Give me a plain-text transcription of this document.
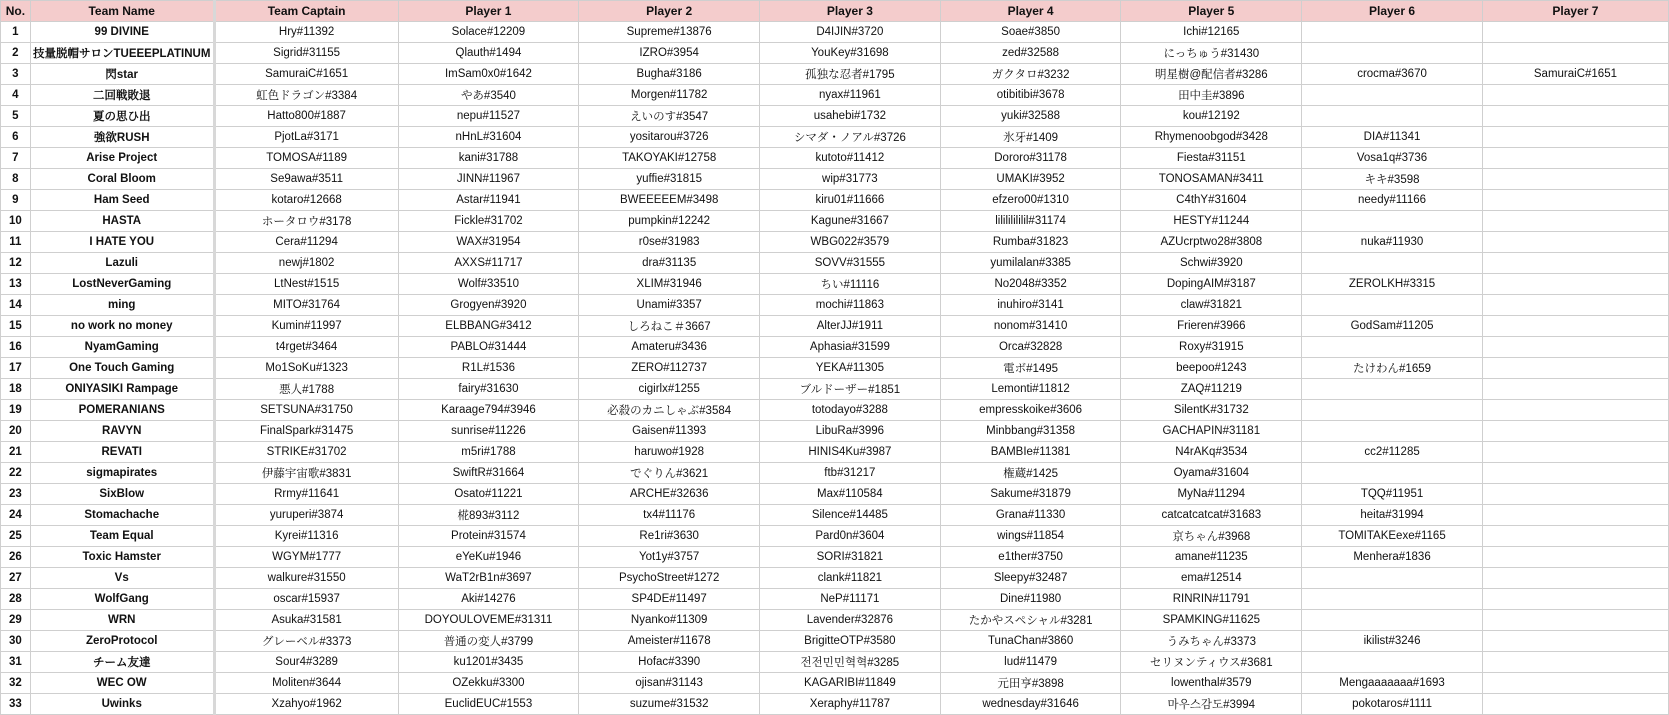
No.	Team Name	Team Captain	Player 1	Player 2	Player 3	Player 4	Player 5	Player 6	Player 7
1	99 DIVINE	Hry#11392	Solace#12209	Supreme#13876	D4IJIN#3720	Soae#3850	Ichi#12165		
2	技量脱帽サロンTUEEEPLATINUM	Sigrid#31155	Qlauth#1494	IZRO#3954	YouKey#31698	zed#32588	にっちゅう#31430		
3	閃star	SamuraiC#1651	ImSam0x0#1642	Bugha#3186	孤独な忍者#1795	ガクタロ#3232	明星樹@配信者#3286	crocma#3670	SamuraiC#1651
4	二回戦敗退	虹色ドラゴン#3384	やあ#3540	Morgen#11782	nyax#11961	otibitibi#3678	田中圭#3896		
5	夏の思ひ出	Hatto800#1887	nepu#11527	えいのす#3547	usahebi#1732	yuki#32588	kou#12192		
6	強欲RUSH	PjotLa#3171	nHnL#31604	yositarou#3726	シマダ・ノアル#3726	氷牙#1409	Rhymenoobgod#3428	DIA#11341	
7	Arise Project	TOMOSA#1189	kani#31788	TAKOYAKI#12758	kutoto#11412	Dororo#31178	Fiesta#31151	Vosa1q#3736	
8	Coral Bloom	Se9awa#3511	JINN#11967	yuffie#31815	wip#31773	UMAKI#3952	TONOSAMAN#3411	キキ#3598	
9	Ham Seed	kotaro#12668	Astar#11941	BWEEEEEM#3498	kiru01#11666	efzero00#1310	C4thY#31604	needy#11166	
10	HASTA	ホータロウ#3178	Fickle#31702	pumpkin#12242	Kagune#31667	lilililililil#31174	HESTY#11244		
11	I HATE YOU	Cera#11294	WAX#31954	r0se#31983	WBG022#3579	Rumba#31823	AZUcrptwo28#3808	nuka#11930	
12	Lazuli	newj#1802	AXXS#11717	dra#31135	SOVV#31555	yumilalan#3385	Schwi#3920		
13	LostNeverGaming	LtNest#1515	Wolf#33510	XLIM#31946	ちい#11116	No2048#3352	DopingAIM#3187	ZEROLKH#3315	
14	ming	MITO#31764	Grogyen#3920	Unami#3357	mochi#11863	inuhiro#3141	claw#31821		
15	no work no money	Kumin#11997	ELBBANG#3412	しろねこ＃3667	AlterJJ#1911	nonom#31410	Frieren#3966	GodSam#11205	
16	NyamGaming	t4rget#3464	PABLO#31444	Amateru#3436	Aphasia#31599	Orca#32828	Roxy#31915		
17	One Touch Gaming	Mo1SoKu#1323	R1L#1536	ZERO#112737	YEKA#11305	電ボ#1495	beepoo#1243	たけわん#1659	
18	ONIYASIKI Rampage	悪人#1788	fairy#31630	cigirlx#1255	ブルドーザー#1851	Lemonti#11812	ZAQ#11219		
19	POMERANIANS	SETSUNA#31750	Karaage794#3946	必殺のカニしゃぶ#3584	totodayo#3288	empresskoike#3606	SilentK#31732		
20	RAVYN	FinalSpark#31475	sunrise#11226	Gaisen#11393	LibuRa#3996	Minbbang#31358	GACHAPIN#31181		
21	REVATI	STRIKE#31702	m5ri#1788	haruwo#1928	HINIS4Ku#3987	BAMBIe#11381	N4rAKq#3534	cc2#11285	
22	sigmapirates	伊藤宇宙歌#3831	SwiftR#31664	でぐりん#3621	ftb#31217	権蔵#1425	Oyama#31604		
23	SixBlow	Rrmy#11641	Osato#11221	ARCHE#32636	Max#110584	Sakume#31879	MyNa#11294	TQQ#11951	
24	Stomachache	yuruperi#3874	椛893#3112	tx4#11176	Silence#14485	Grana#11330	catcatcatcat#31683	heita#31994	
25	Team Equal	Kyrei#11316	Protein#31574	Re1ri#3630	Pard0n#3604	wings#11854	京ちゃん#3968	TOMITAKEexe#1165	
26	Toxic Hamster	WGYM#1777	eYeKu#1946	Yot1y#3757	SORI#31821	e1ther#3750	amane#11235	Menhera#1836	
27	Vs	walkure#31550	WaT2rB1n#3697	PsychoStreet#1272	clank#11821	Sleepy#32487	ema#12514		
28	WolfGang	oscar#15937	Aki#14276	SP4DE#11497	NeP#11171	Dine#11980	RINRIN#11791		
29	WRN	Asuka#31581	DOYOULOVEME#31311	Nyanko#11309	Lavender#32876	たかやスペシャル#3281	SPAMKING#11625		
30	ZeroProtocol	グレーベル#3373	普通の変人#3799	Ameister#11678	BrigitteOTP#3580	TunaChan#3860	うみちゃん#3373	ikilist#3246	
31	チーム友達	Sour4#3289	ku1201#3435	Hofac#3390	전전민민혁혁#3285	lud#11479	セリヌンティウス#3681		
32	WEC OW	Moliten#3644	OZekku#3300	ojisan#31143	KAGARIBI#11849	元田亨#3898	lowenthal#3579	Mengaaaaaaa#1693	
33	Uwinks	Xzahyo#1962	EuclidEUC#1553	suzume#31532	Xeraphy#11787	wednesday#31646	마우스감도#3994	pokotaros#1111	
